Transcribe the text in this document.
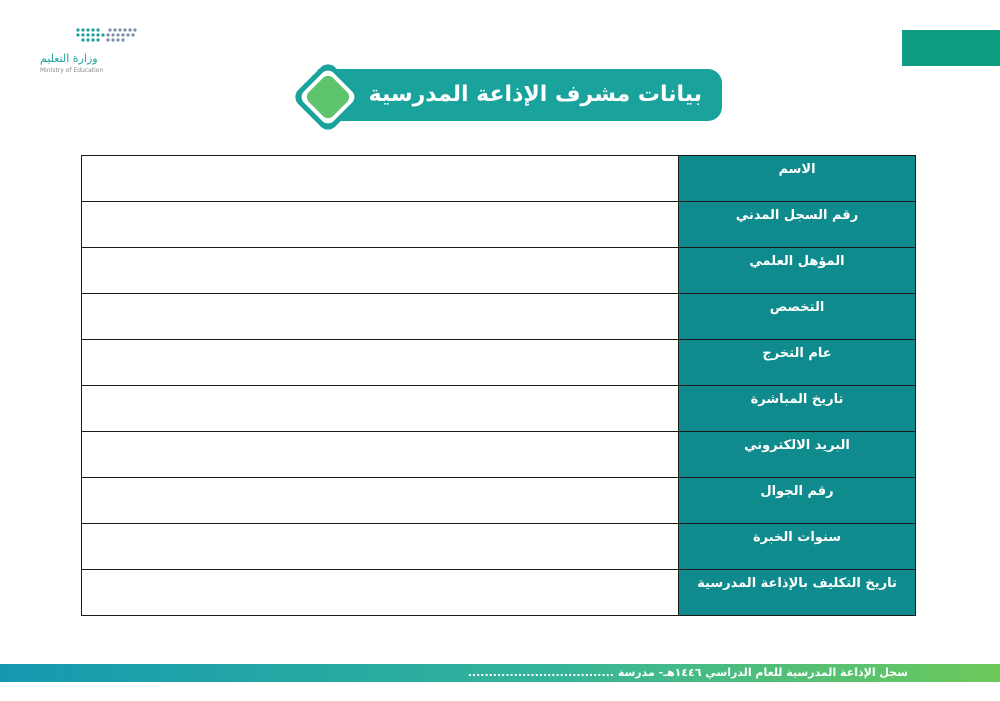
وزارة التعليم
Ministry of Education
بيانات مشرف الإذاعة المدرسية
الاسم	
رقم السجل المدني	
المؤهل العلمي	
التخصص	
عام التخرج	
تاريخ المباشرة	
البريد الالكتروني	
رقم الجوال	
سنوات الخبرة	
تاريخ التكليف بالإذاعة المدرسية	
سجل الإذاعة المدرسية للعام الدراسي ١٤٤٦هـ- مدرسة ...................................
